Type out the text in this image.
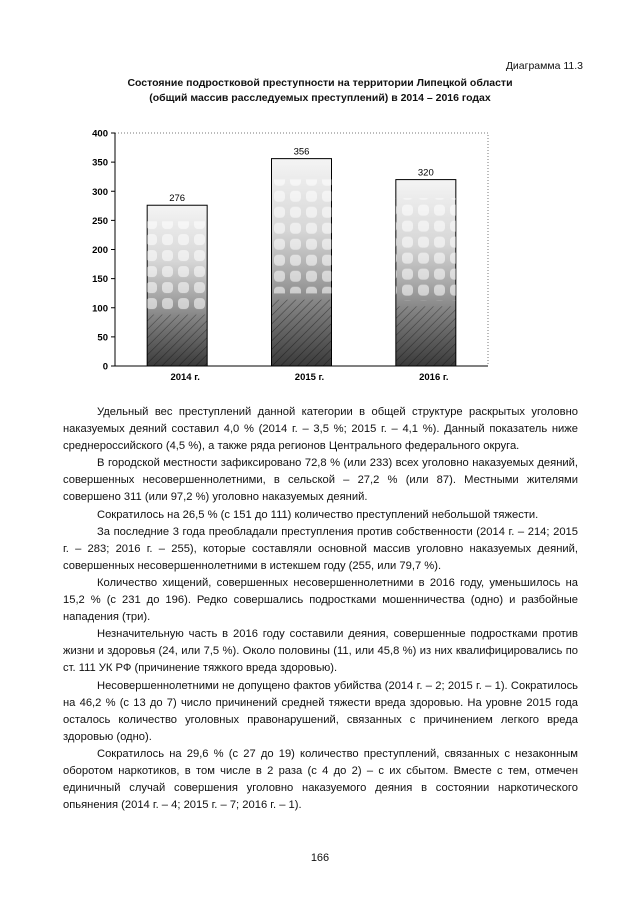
Диаграмма 11.3
Состояние подростковой преступности на территории Липецкой области
(общий массив расследуемых преступлений) в 2014 – 2016 годах
0
50
100
150
200
250
300
350
400
2014 г.	2015 г.	2016 г.
276
356
320

Удельный вес преступлений данной категории в общей структуре раскрытых уголовно наказуемых деяний составил 4,0 % (2014 г. – 3,5 %; 2015 г. – 4,1 %). Данный показатель ниже среднероссийского (4,5 %), а также ряда регионов Центрального федерального округа.

В городской местности зафиксировано 72,8 % (или 233) всех уголовно наказуемых деяний, совершенных несовершеннолетними, в сельской – 27,2 % (или 87). Местными жителями совершено 311 (или 97,2 %) уголовно наказуемых деяний.

Сократилось на 26,5 % (с 151 до 111) количество преступлений небольшой тяжести.

За последние 3 года преобладали преступления против собственности (2014 г. – 214; 2015 г. – 283; 2016 г. – 255), которые составляли основной массив уголовно наказуемых деяний, совершенных несовершеннолетними в истекшем году (255, или 79,7 %).

Количество хищений, совершенных несовершеннолетними в 2016 году, уменьшилось на 15,2 % (с 231 до 196). Редко совершались подростками мошенничества (одно) и разбойные нападения (три).

Незначительную часть в 2016 году составили деяния, совершенные подростками против жизни и здоровья (24, или 7,5 %). Около половины (11, или 45,8 %) из них квалифицировались по ст. 111 УК РФ (причинение тяжкого вреда здоровью).

Несовершеннолетними не допущено фактов убийства (2014 г. – 2; 2015 г. – 1). Сократилось на 46,2 % (с 13 до 7) число причинений средней тяжести вреда здоровью. На уровне 2015 года осталось количество уголовных правонарушений, связанных с причинением легкого вреда здоровью (одно).

Сократилось на 29,6 % (с 27 до 19) количество преступлений, связанных с незаконным оборотом наркотиков, в том числе в 2 раза (с 4 до 2) – с их сбытом. Вместе с тем, отмечен единичный случай совершения уголовно наказуемого деяния в состоянии наркотического опьянения (2014 г. – 4; 2015 г. – 7; 2016 г. – 1).

166
